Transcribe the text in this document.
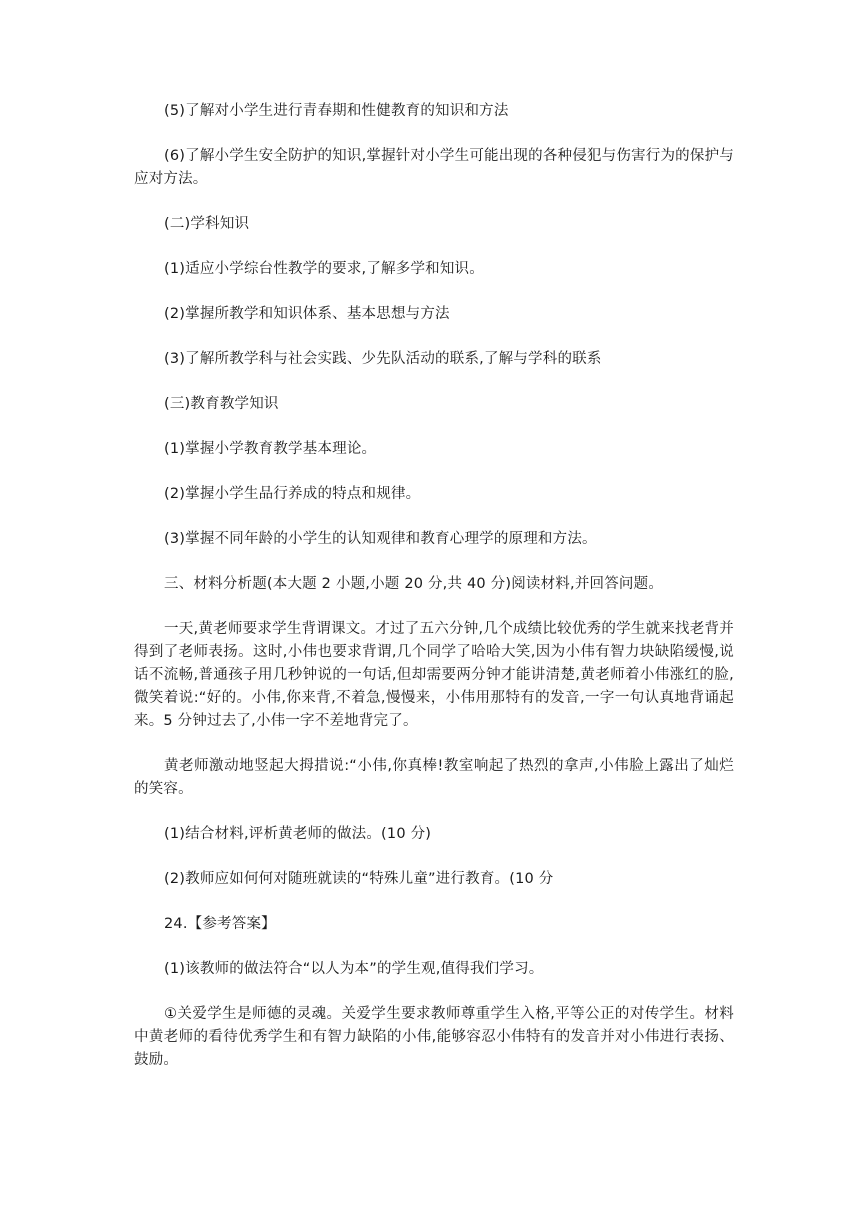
(5)了解对小学生进行青春期和性健教育的知识和方法

(6)了解小学生安全防护的知识,掌握针对小学生可能出现的各种侵犯与伤害行为的保护与应对方法。

(二)学科知识

(1)适应小学综台性教学的要求,了解多学和知识。

(2)掌握所教学和知识体系、基本思想与方法

(3)了解所教学科与社会实践、少先队活动的联系,了解与学科的联系

(三)教育教学知识

(1)掌握小学教育教学基本理论。

(2)掌握小学生品行养成的特点和规律。

(3)掌握不同年龄的小学生的认知观律和教育心理学的原理和方法。

三、材料分析题(本大题 2 小题,小题 20 分,共 40 分)阅读材料,并回答问题。

一天,黄老师要求学生背谓课文。才过了五六分钟,几个成绩比较优秀的学生就来找老背并得到了老师表扬。这时,小伟也要求背谓,几个同学了哈哈大笑,因为小伟有智力块缺陷缓慢,说话不流畅,普通孩子用几秒钟说的一句话,但却需要两分钟才能讲清楚,黄老师着小伟涨红的脸,微笑着说:“好的。小伟,你来背,不着急,慢慢来，小伟用那特有的发音,一字一句认真地背诵起来。5 分钟过去了,小伟一字不差地背完了。

黄老师激动地竖起大拇措说:“小伟,你真棒!教室响起了热烈的拿声,小伟脸上露出了灿烂的笑容。

(1)结合材料,评析黄老师的做法。(10 分)

(2)教师应如何何对随班就读的“特殊儿童”进行教育。(10 分

24.【参考答案】

(1)该教师的做法符合“以人为本”的学生观,值得我们学习。

①关爱学生是师德的灵魂。关爱学生要求教师尊重学生入格,平等公正的对传学生。材料中黄老师的看待优秀学生和有智力缺陷的小伟,能够容忍小伟特有的发音并对小伟进行表扬、鼓励。
